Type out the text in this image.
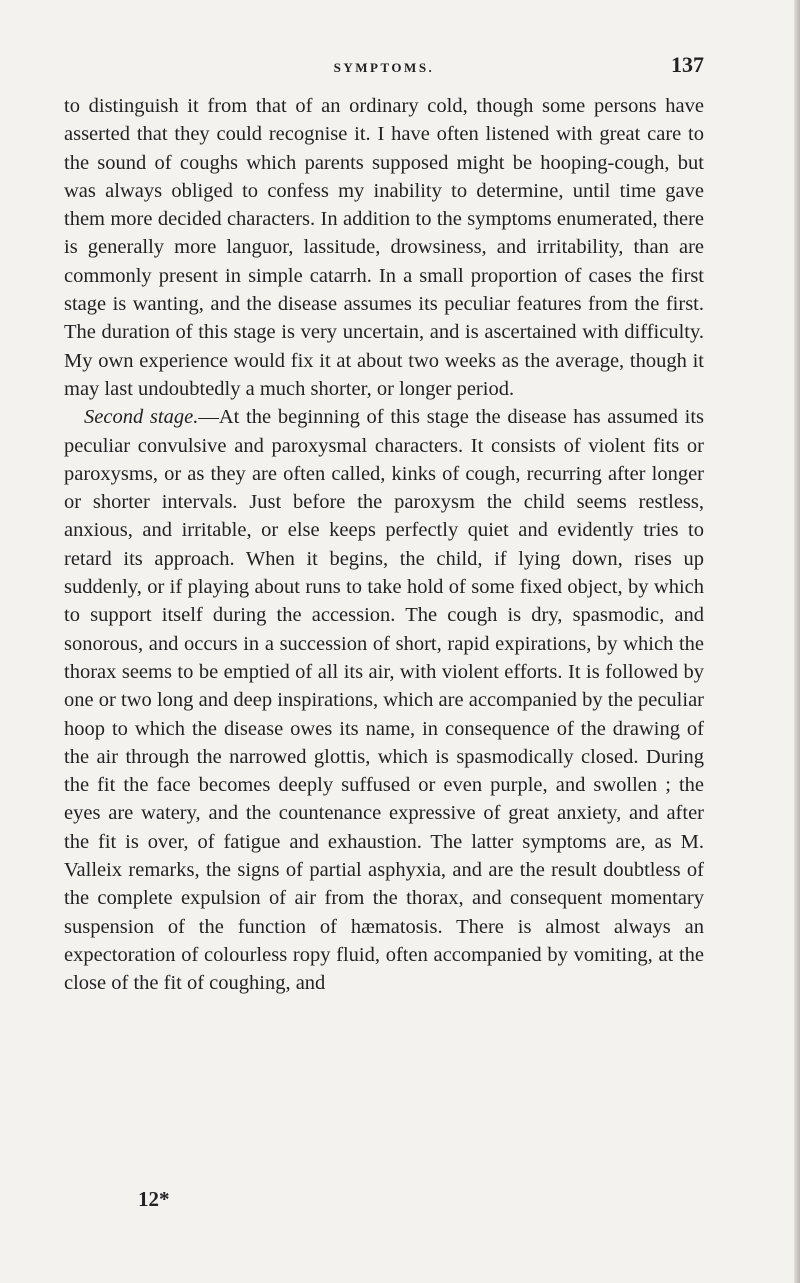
SYMPTOMS.	137

to distinguish it from that of an ordinary cold, though some persons have asserted that they could recognise it. I have often listened with great care to the sound of coughs which parents supposed might be hooping-cough, but was always obliged to confess my inability to determine, until time gave them more decided characters. In addition to the symptoms enumerated, there is generally more languor, lassitude, drowsiness, and irritability, than are commonly present in simple catarrh. In a small proportion of cases the first stage is wanting, and the disease assumes its peculiar features from the first. The duration of this stage is very uncertain, and is ascertained with difficulty. My own experience would fix it at about two weeks as the average, though it may last undoubtedly a much shorter, or longer period.

Second stage.—At the beginning of this stage the disease has assumed its peculiar convulsive and paroxysmal characters. It consists of violent fits or paroxysms, or as they are often called, kinks of cough, recurring after longer or shorter intervals. Just before the paroxysm the child seems restless, anxious, and irritable, or else keeps perfectly quiet and evidently tries to retard its approach. When it begins, the child, if lying down, rises up suddenly, or if playing about runs to take hold of some fixed object, by which to support itself during the accession. The cough is dry, spasmodic, and sonorous, and occurs in a succession of short, rapid expirations, by which the thorax seems to be emptied of all its air, with violent efforts. It is followed by one or two long and deep inspirations, which are accompanied by the peculiar hoop to which the disease owes its name, in consequence of the drawing of the air through the narrowed glottis, which is spasmodically closed. During the fit the face becomes deeply suffused or even purple, and swollen ; the eyes are watery, and the countenance expressive of great anxiety, and after the fit is over, of fatigue and exhaustion. The latter symptoms are, as M. Valleix remarks, the signs of partial asphyxia, and are the result doubtless of the complete expulsion of air from the thorax, and consequent momentary suspension of the function of hæmatosis. There is almost always an expectoration of colourless ropy fluid, often accompanied by vomiting, at the close of the fit of coughing, and

12*
